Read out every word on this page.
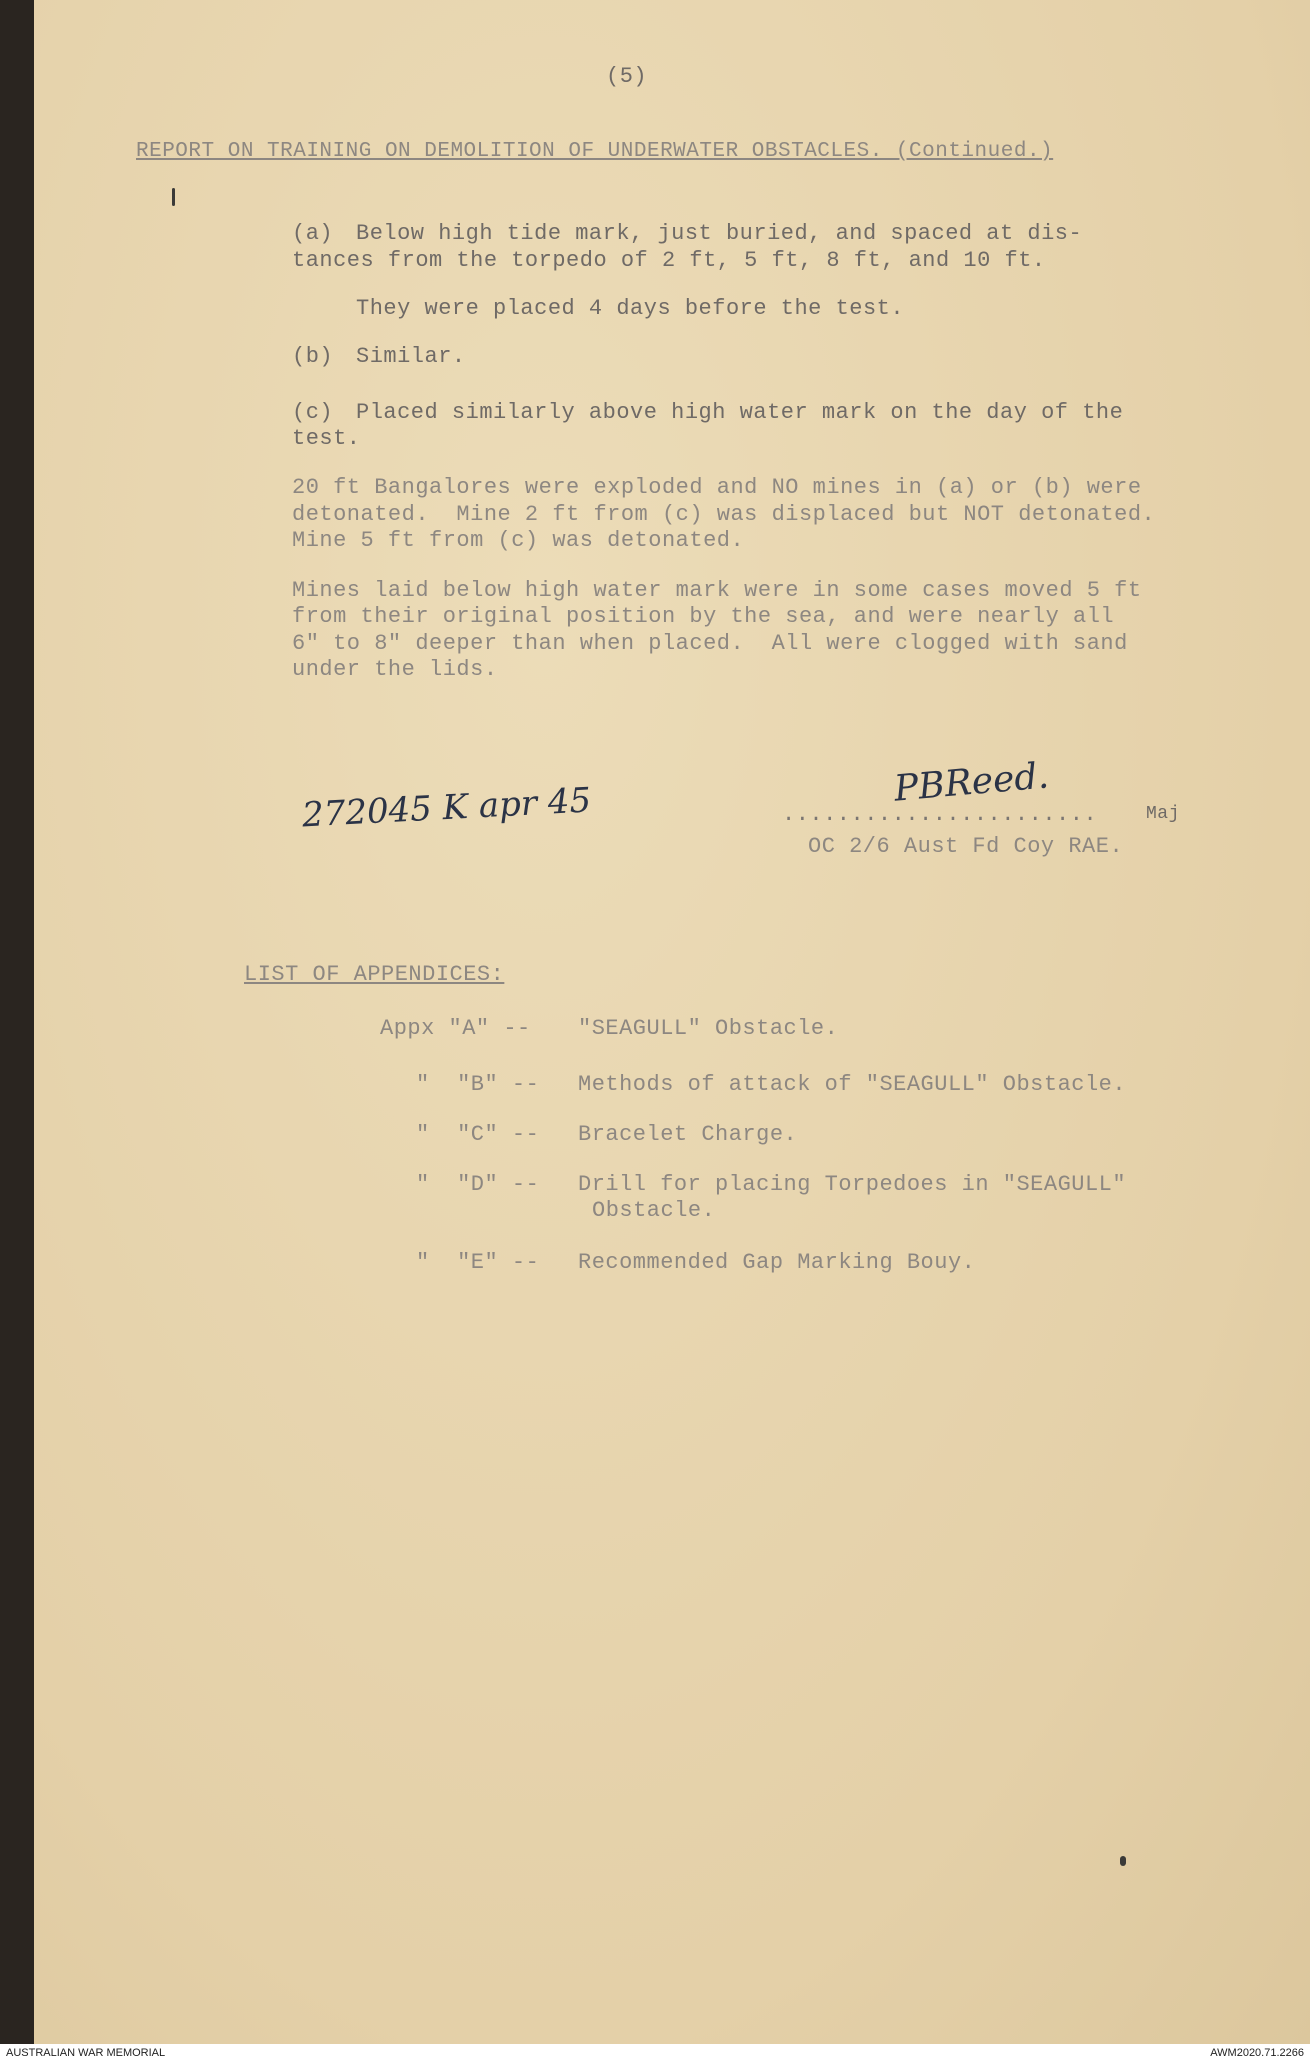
(5)
REPORT ON TRAINING ON DEMOLITION OF UNDERWATER OBSTACLES. (Continued.)
(a) Below high tide mark, just buried, and spaced at dis-
tances from the torpedo of 2 ft, 5 ft, 8 ft, and 10 ft.
They were placed 4 days before the test.
(b) Similar.
(c) Placed similarly above high water mark on the day of the
test.
20 ft Bangalores were exploded and NO mines in (a) or (b) were
detonated.  Mine 2 ft from (c) was displaced but NOT detonated.
Mine 5 ft from (c) was detonated.
Mines laid below high water mark were in some cases moved 5 ft
from their original position by the sea, and were nearly all
6" to 8" deeper than when placed.  All were clogged with sand
under the lids.
272045 K apr 45	PBReed.
.......................	Maj
OC 2/6 Aust Fd Coy RAE.
LIST OF APPENDICES:
Appx "A" -- "SEAGULL" Obstacle.
"  "B" -- Methods of attack of "SEAGULL" Obstacle.
"  "C" -- Bracelet Charge.
"  "D" -- Drill for placing Torpedoes in "SEAGULL"
Obstacle.
"  "E" -- Recommended Gap Marking Bouy.
AUSTRALIAN WAR MEMORIAL	AWM2020.71.2266
